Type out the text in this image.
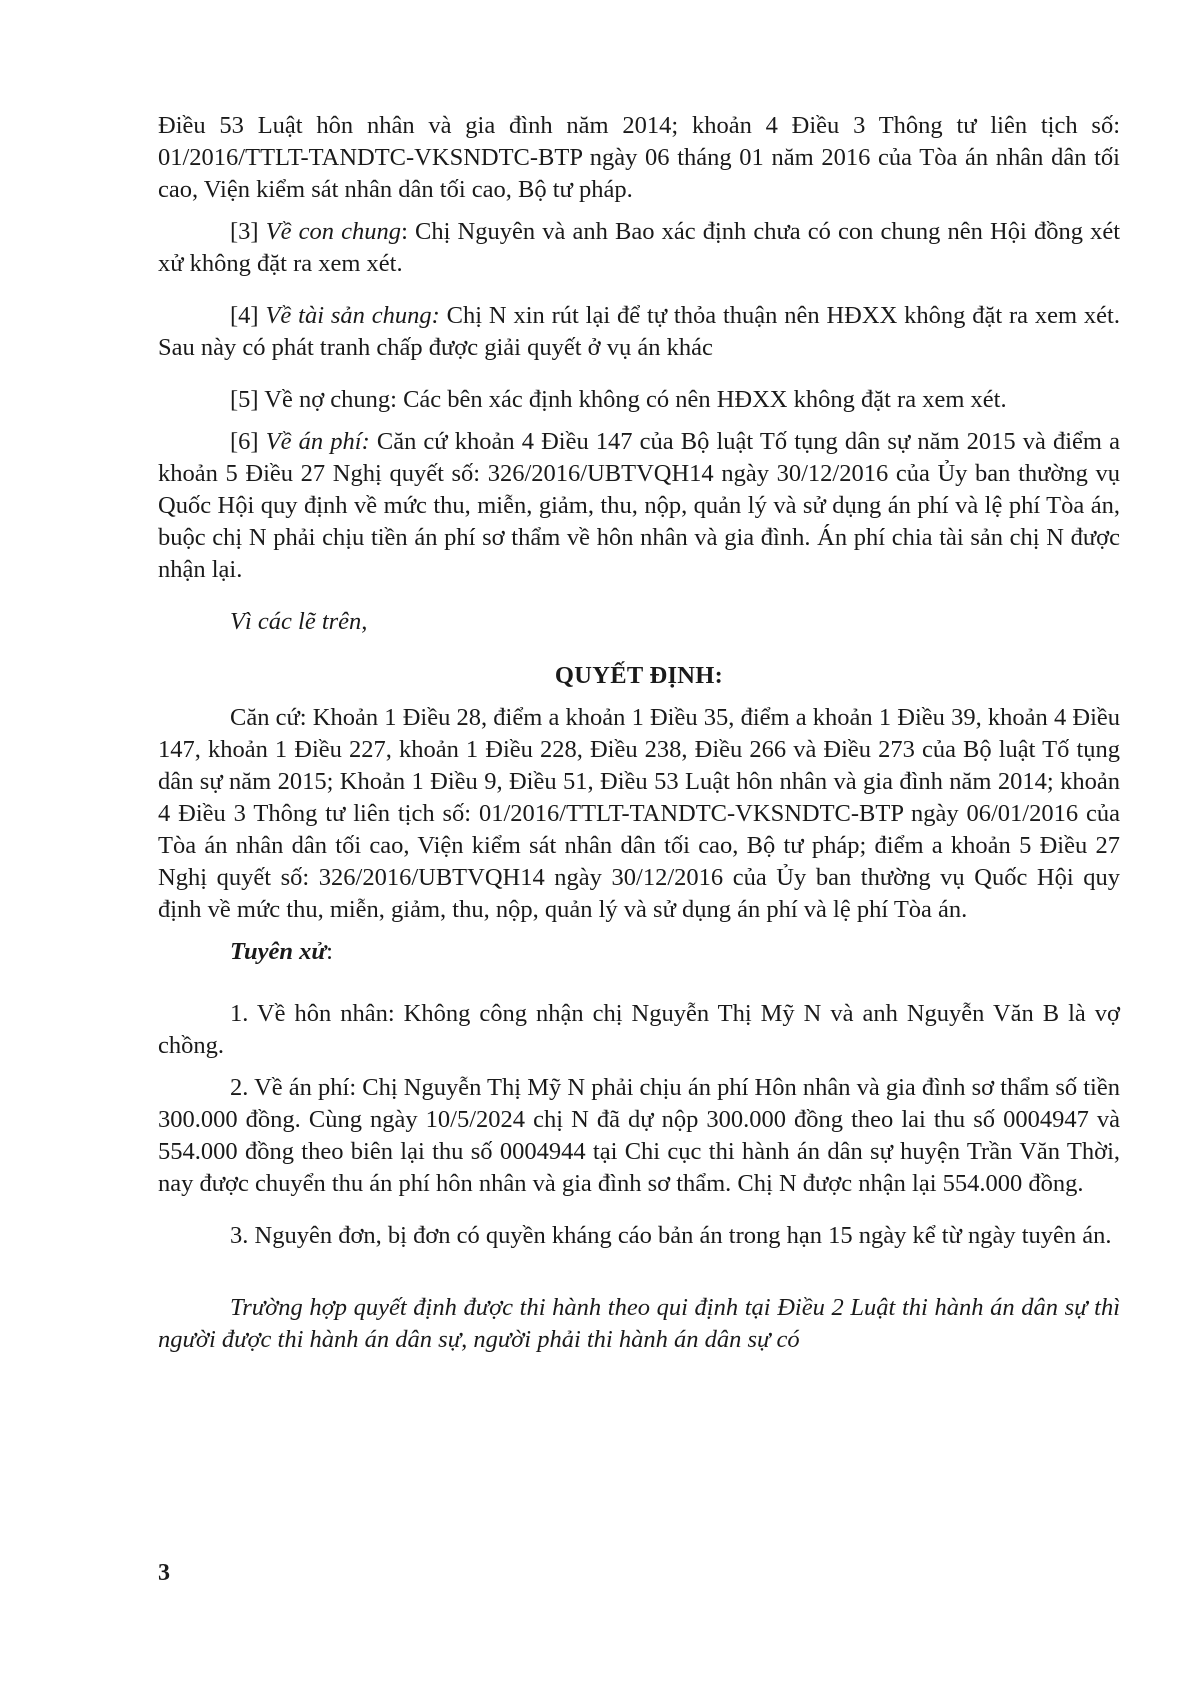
Điều 53 Luật hôn nhân và gia đình năm 2014; khoản 4 Điều 3 Thông tư liên tịch số: 01/2016/TTLT-TANDTC-VKSNDTC-BTP ngày 06 tháng 01 năm 2016 của Tòa án nhân dân tối cao, Viện kiểm sát nhân dân tối cao, Bộ tư pháp.

[3] Về con chung: Chị Nguyên và anh Bao xác định chưa có con chung nên Hội đồng xét xử không đặt ra xem xét.

[4] Về tài sản chung: Chị N xin rút lại để tự thỏa thuận nên HĐXX không đặt ra xem xét. Sau này có phát tranh chấp được giải quyết ở vụ án khác

[5] Về nợ chung: Các bên xác định không có nên HĐXX không đặt ra xem xét.

[6] Về án phí: Căn cứ khoản 4 Điều 147 của Bộ luật Tố tụng dân sự năm 2015 và điểm a khoản 5 Điều 27 Nghị quyết số: 326/2016/UBTVQH14 ngày 30/12/2016 của Ủy ban thường vụ Quốc Hội quy định về mức thu, miễn, giảm, thu, nộp, quản lý và sử dụng án phí và lệ phí Tòa án, buộc chị N phải chịu tiền án phí sơ thẩm về hôn nhân và gia đình. Án phí chia tài sản chị N được nhận lại.

Vì các lẽ trên,

QUYẾT ĐỊNH:

Căn cứ: Khoản 1 Điều 28, điểm a khoản 1 Điều 35, điểm a khoản 1 Điều 39, khoản 4 Điều 147, khoản 1 Điều 227, khoản 1 Điều 228, Điều 238, Điều 266 và Điều 273 của Bộ luật Tố tụng dân sự năm 2015; Khoản 1 Điều 9, Điều 51, Điều 53 Luật hôn nhân và gia đình năm 2014; khoản 4 Điều 3 Thông tư liên tịch số: 01/2016/TTLT-TANDTC-VKSNDTC-BTP ngày 06/01/2016 của Tòa án nhân dân tối cao, Viện kiểm sát nhân dân tối cao, Bộ tư pháp; điểm a khoản 5 Điều 27 Nghị quyết số: 326/2016/UBTVQH14 ngày 30/12/2016 của Ủy ban thường vụ Quốc Hội quy định về mức thu, miễn, giảm, thu, nộp, quản lý và sử dụng án phí và lệ phí Tòa án.

Tuyên xử:

1. Về hôn nhân: Không công nhận chị Nguyễn Thị Mỹ N và anh Nguyễn Văn B là vợ chồng.

2. Về án phí: Chị Nguyễn Thị Mỹ N phải chịu án phí Hôn nhân và gia đình sơ thẩm số tiền 300.000 đồng. Cùng ngày 10/5/2024 chị N đã dự nộp 300.000 đồng theo lai thu số 0004947 và 554.000 đồng theo biên lại thu số 0004944 tại Chi cục thi hành án dân sự huyện Trần Văn Thời, nay được chuyển thu án phí hôn nhân và gia đình sơ thẩm. Chị N được nhận lại 554.000 đồng.

3. Nguyên đơn, bị đơn có quyền kháng cáo bản án trong hạn 15 ngày kể từ ngày tuyên án.

Trường hợp quyết định được thi hành theo qui định tại Điều 2 Luật thi hành án dân sự thì người được thi hành án dân sự, người phải thi hành án dân sự có

3
